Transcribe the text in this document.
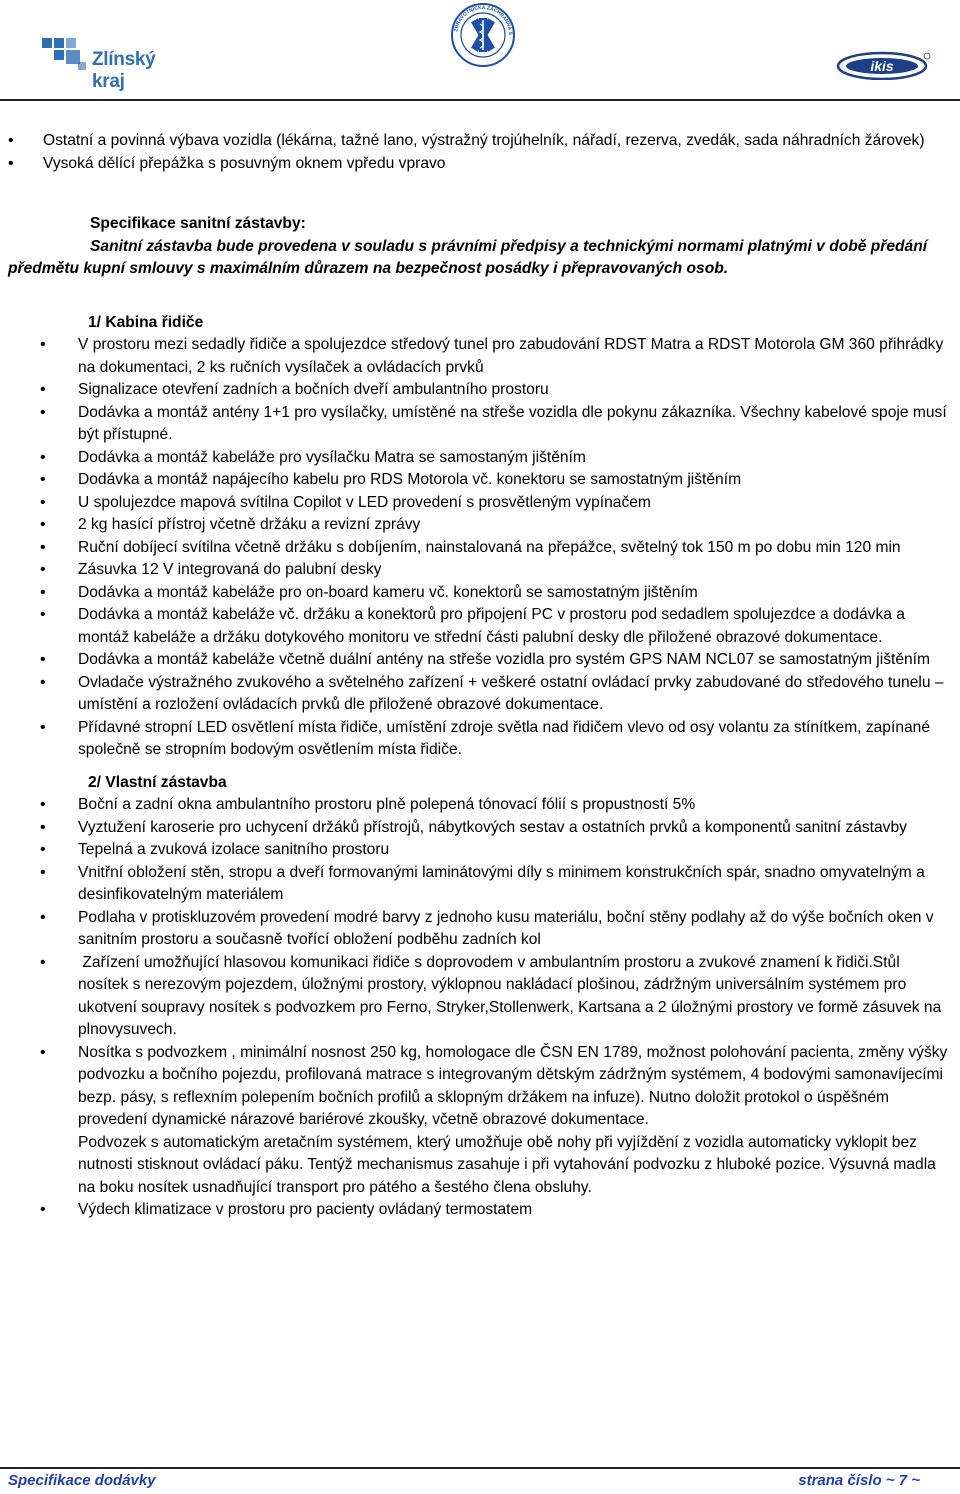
Zlínský kraj
ZDRAVOTNICKÁ ZÁCHRANNÁ S
ikis
• Ostatní a povinná výbava vozidla (lékárna, tažné lano, výstražný trojúhelník, nářadí, rezerva, zvedák, sada náhradních žárovek)
• Vysoká dělící přepážka s posuvným oknem vpředu vpravo
Specifikace sanitní zástavby:
Sanitní zástavba bude provedena v souladu s právními předpisy a technickými normami platnými v době předání předmětu kupní smlouvy s maximálním důrazem na bezpečnost posádky i přepravovaných osob.
1/ Kabina řidiče
• V prostoru mezi sedadly řidiče a spolujezdce středový tunel pro zabudování RDST Matra a RDST Motorola GM 360 přihrádky na dokumentaci, 2 ks ručních vysílaček a ovládacích prvků
• Signalizace otevření zadních a bočních dveří ambulantního prostoru
• Dodávka a montáž antény 1+1 pro vysílačky, umístěné na střeše vozidla dle pokynu zákazníka. Všechny kabelové spoje musí být přístupné.
• Dodávka a montáž kabeláže pro vysílačku Matra se samostaným jištěním
• Dodávka a montáž napájecího kabelu pro RDS Motorola vč. konektoru se samostatným jištěním
• U spolujezdce mapová svítilna Copilot v LED provedení s prosvětleným vypínačem
• 2 kg hasící přístroj včetně držáku a revizní zprávy
• Ruční dobíjecí svítilna včetně držáku s dobíjením, nainstalovaná na přepážce, světelný tok 150 m po dobu min 120 min
• Zásuvka 12 V integrovaná do palubní desky
• Dodávka a montáž kabeláže pro on-board kameru vč. konektorů se samostatným jištěním
• Dodávka a montáž kabeláže vč. držáku a konektorů pro připojení PC v prostoru pod sedadlem spolujezdce a dodávka a montáž kabeláže a držáku dotykového monitoru ve střední části palubní desky dle přiložené obrazové dokumentace.
• Dodávka a montáž kabeláže včetně duální antény na střeše vozidla pro systém GPS NAM NCL07 se samostatným jištěním
• Ovladače výstražného zvukového a světelného zařízení + veškeré ostatní ovládací prvky zabudované do středového tunelu – umístění a rozložení ovládacích prvků dle přiložené obrazové dokumentace.
• Přídavné stropní LED osvětlení místa řidiče, umístění zdroje světla nad řidičem vlevo od osy volantu za stínítkem, zapínané společně se stropním bodovým osvětlením místa řidiče.
2/ Vlastní zástavba
• Boční a zadní okna ambulantního prostoru plně polepená tónovací fólií s propustností 5%
• Vyztužení karoserie pro uchycení držáků přístrojů, nábytkových sestav a ostatních prvků a komponentů sanitní zástavby
• Tepelná a zvuková izolace sanitního prostoru
• Vnitřní obložení stěn, stropu a dveří formovanými laminátovými díly s minimem konstrukčních spár, snadno omyvatelným a desinfikovatelným materiálem
• Podlaha v protiskluzovém provedení modré barvy z jednoho kusu materiálu, boční stěny podlahy až do výše bočních oken v sanitním prostoru a současně tvořící obložení podběhu zadních kol
• Zařízení umožňující hlasovou komunikaci řidiče s doprovodem v ambulantním prostoru a zvukové znamení k řidiči.Stůl nosítek s nerezovým pojezdem, úložnými prostory, výklopnou nakládací plošinou, zádržným universálním systémem pro ukotvení soupravy nosítek s podvozkem pro Ferno, Stryker,Stollenwerk, Kartsana a 2 úložnými prostory ve formě zásuvek na plnovysuvech.
• Nosítka s podvozkem , minimální nosnost 250 kg, homologace dle ČSN EN 1789, možnost polohování pacienta, změny výšky podvozku a bočního pojezdu, profilovaná matrace s integrovaným dětským zádržným systémem, 4 bodovými samonavíjecími bezp. pásy, s reflexním polepením bočních profilů a sklopným držákem na infuze). Nutno doložit protokol o úspěšném provedení dynamické nárazové bariérové zkoušky, včetně obrazové dokumentace.
Podvozek s automatickým aretačním systémem, který umožňuje obě nohy při vyjíždění z vozidla automaticky vyklopit bez nutnosti stisknout ovládací páku. Tentýž mechanismus zasahuje i při vytahování podvozku z hluboké pozice. Výsuvná madla na boku nosítek usnadňující transport pro pátého a šestého člena obsluhy.
• Výdech klimatizace v prostoru pro pacienty ovládaný termostatem
Specifikace dodávky	strana číslo ~ 7 ~
